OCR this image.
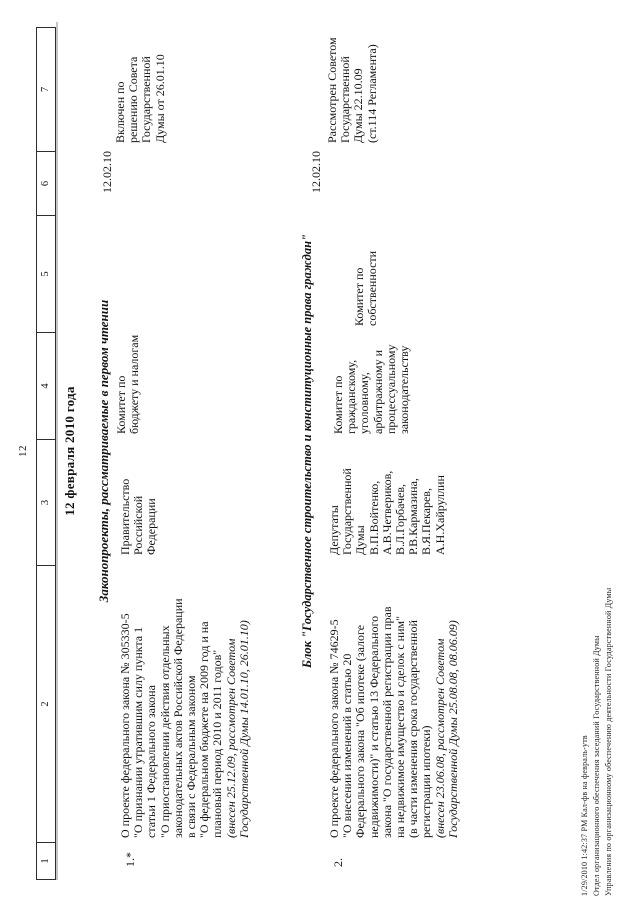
12
1
2
3
4
5
6
7
12 февраля 2010 года Законопроекты, рассматриваемые в первом чтении
1.*
О проекте федерального закона № 305330-5 "О признании утратившим силу пункта 1 статьи 1 Федерального закона "О приостановлении действия отдельных законодательных актов Российской Федерации в связи с Федеральным законом "О федеральном бюджете на 2009 год и на плановый период 2010 и 2011 годов" (внесен 25.12.09, рассмотрен Советом Государственной Думы 14.01.10, 26.01.10)
Правительство Российской Федерации
Комитет по бюджету и налогам
12.02.10
Включен по решению Совета Государственной Думы от 26.01.10
Блок "Государственное строительство и конституционные права граждан"
2.
О проекте федерального закона № 74629-5 "О внесении изменений в статью 20 Федерального закона "Об ипотеке (залоге недвижимости)" и статью 13 Федерального закона "О государственной регистрации прав на недвижимое имущество и сделок с ним" (в части изменения срока государственной регистрации ипотеки) (внесен 23.06.08, рассмотрен Советом Государственной Думы 25.08.08, 08.06.09)
Депутаты Государственной Думы В.П.Войтенко, А.В.Четвериков, В.Л.Горбачев, Р.В.Кармазина, В.Я.Пекарев, А.Н.Хайруллин
Комитет по гражданскому, уголовному, арбитражному и процессуальному законодательству
Комитет по собственности
12.02.10
Рассмотрен Советом Государственной Думы 22.10.09 (ст.114 Регламента)
1/29/2010 1:42:37 PM Кал-фв на февраль-утв Отдел организационного обеспечения заседаний Государственной Думы Управления по организационному обеспечению деятельности Государственной Думы
